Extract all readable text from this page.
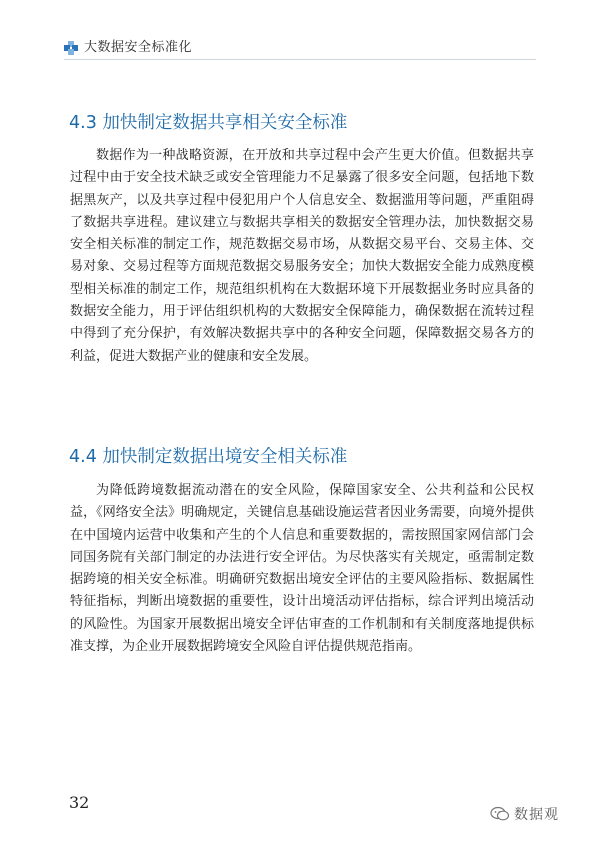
大数据安全标准化
4.3 加快制定数据共享相关安全标准
数据作为一种战略资源，在开放和共享过程中会产生更大价值。但数据共享过程中由于安全技术缺乏或安全管理能力不足暴露了很多安全问题，包括地下数据黑灰产，以及共享过程中侵犯用户个人信息安全、数据滥用等问题，严重阻碍了数据共享进程。建议建立与数据共享相关的数据安全管理办法，加快数据交易安全相关标准的制定工作，规范数据交易市场，从数据交易平台、交易主体、交易对象、交易过程等方面规范数据交易服务安全；加快大数据安全能力成熟度模型相关标准的制定工作，规范组织机构在大数据环境下开展数据业务时应具备的数据安全能力，用于评估组织机构的大数据安全保障能力，确保数据在流转过程中得到了充分保护，有效解决数据共享中的各种安全问题，保障数据交易各方的利益，促进大数据产业的健康和安全发展。
4.4 加快制定数据出境安全相关标准
为降低跨境数据流动潜在的安全风险，保障国家安全、公共利益和公民权益，《网络安全法》明确规定，关键信息基础设施运营者因业务需要，向境外提供在中国境内运营中收集和产生的个人信息和重要数据的，需按照国家网信部门会同国务院有关部门制定的办法进行安全评估。为尽快落实有关规定，亟需制定数据跨境的相关安全标准。明确研究数据出境安全评估的主要风险指标、数据属性特征指标，判断出境数据的重要性，设计出境活动评估指标，综合评判出境活动的风险性。为国家开展数据出境安全评估审查的工作机制和有关制度落地提供标准支撑，为企业开展数据跨境安全风险自评估提供规范指南。
32
数据观
